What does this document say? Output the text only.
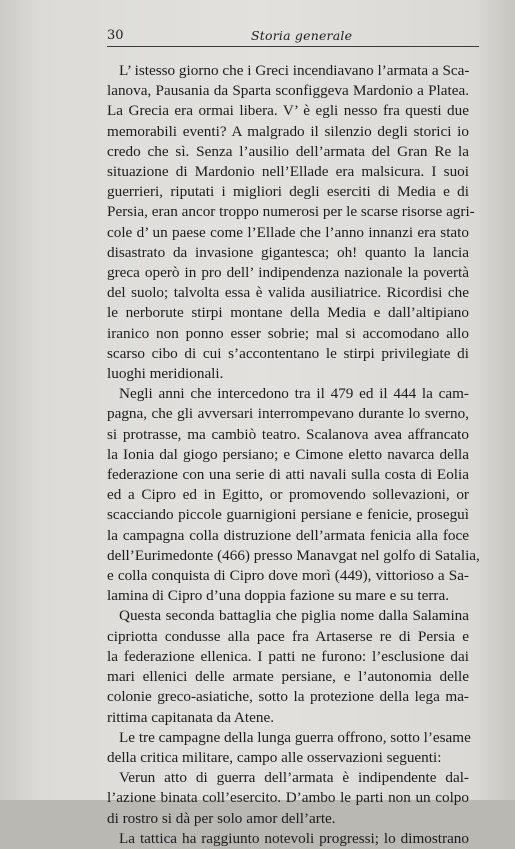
30	Storia generale

L’ istesso giorno che i Greci incendiavano l’armata a Sca-
lanova, Pausania da Sparta sconfiggeva Mardonio a Platea.
La Grecia era ormai libera. V’ è egli nesso fra questi due
memorabili eventi? A malgrado il silenzio degli storici io
credo che sì. Senza l’ausilio dell’armata del Gran Re la
situazione di Mardonio nell’Ellade era malsicura. I suoi
guerrieri, riputati i migliori degli eserciti di Media e di
Persia, eran ancor troppo numerosi per le scarse risorse agri-
cole d’ un paese come l’Ellade che l’anno innanzi era stato
disastrato da invasione gigantesca; oh! quanto la lancia
greca operò in pro dell’ indipendenza nazionale la povertà
del suolo; talvolta essa è valida ausiliatrice. Ricordisi che
le nerborute stirpi montane della Media e dall’altipiano
iranico non ponno esser sobrie; mal si accomodano allo
scarso cibo di cui s’accontentano le stirpi privilegiate di
luoghi meridionali.

Negli anni che intercedono tra il 479 ed il 444 la cam-
pagna, che gli avversari interrompevano durante lo sverno,
si protrasse, ma cambiò teatro. Scalanova avea affrancato
la Ionia dal giogo persiano; e Cimone eletto navarca della
federazione con una serie di atti navali sulla costa di Eolia
ed a Cipro ed in Egitto, or promovendo sollevazioni, or
scacciando piccole guarnigioni persiane e fenicie, proseguì
la campagna colla distruzione dell’armata fenicia alla foce
dell’Eurimedonte (466) presso Manavgat nel golfo di Satalia,
e colla conquista di Cipro dove morì (449), vittorioso a Sa-
lamina di Cipro d’una doppia fazione su mare e su terra.

Questa seconda battaglia che piglia nome dalla Salamina
cipriotta condusse alla pace fra Artaserse re di Persia e
la federazione ellenica. I patti ne furono: l’esclusione dai
mari ellenici delle armate persiane, e l’autonomia delle
colonie greco-asiatiche, sotto la protezione della lega ma-
rittima capitanata da Atene.

Le tre campagne della lunga guerra offrono, sotto l’esame
della critica militare, campo alle osservazioni seguenti:

Verun atto di guerra dell’armata è indipendente dal-
l’azione binata coll’esercito. D’ambo le parti non un colpo
di rostro si dà per solo amor dell’arte.

La tattica ha raggiunto notevoli progressi; lo dimostrano
